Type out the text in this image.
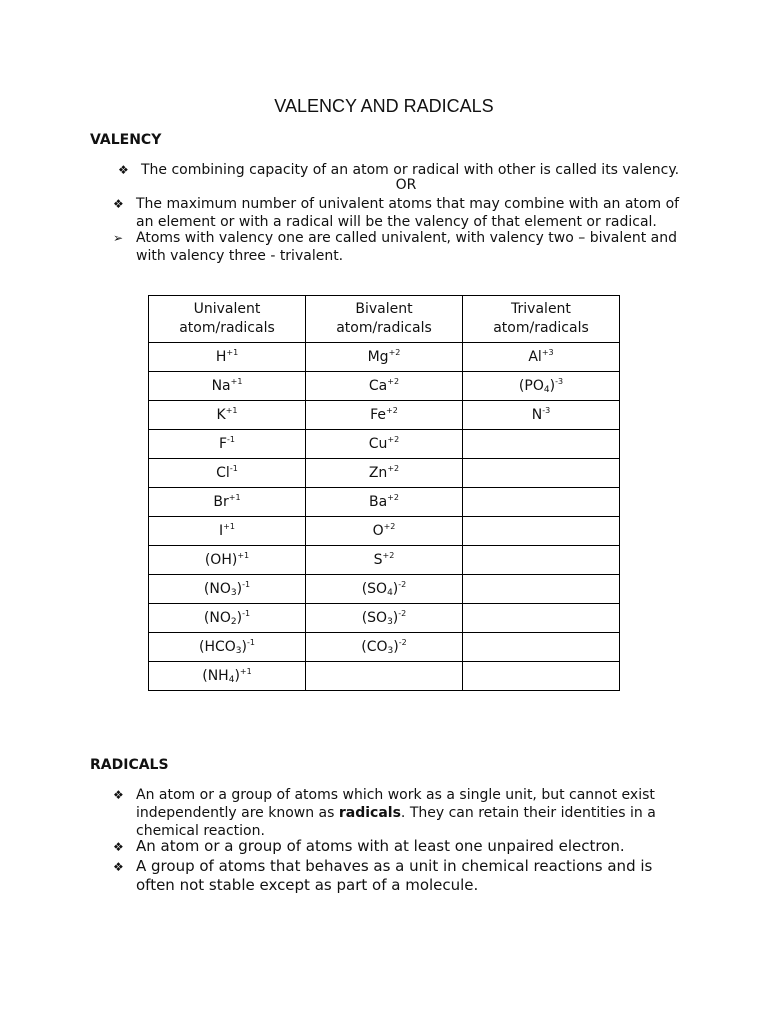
VALENCY AND RADICALS
VALENCY
❖ The combining capacity of an atom or radical with other is called its valency.
OR
❖ The maximum number of univalent atoms that may combine with an atom of an element or with a radical will be the valency of that element or radical.
➢ Atoms with valency one are called univalent, with valency two – bivalent and with valency three - trivalent.
Univalent atom/radicals	Bivalent atom/radicals	Trivalent atom/radicals
$H^{+1}$	$Mg^{+2}$	$Al^{+3}$
$Na^{+1}$	$Ca^{+2}$	$(PO_4)^{-3}$
$K^{+1}$	$Fe^{+2}$	$N^{-3}$
$F^{-1}$	$Cu^{+2}$	
$Cl^{-1}$	$Zn^{+2}$	
$Br^{+1}$	$Ba^{+2}$	
$I^{+1}$	$O^{+2}$	
(OH)$^{+1}$	$S^{+2}$	
$(NO_3)^{-1}$	$(SO_4)^{-2}$	
$(NO_2)^{-1}$	$(SO_3)^{-2}$	
$(HCO_3)^{-1}$	$(CO_3)^{-2}$	
$(NH_4)^{+1}$		
RADICALS
❖ An atom or a group of atoms which work as a single unit, but cannot exist independently are known as radicals. They can retain their identities in a chemical reaction.
❖ An atom or a group of atoms with at least one unpaired electron.
❖ A group of atoms that behaves as a unit in chemical reactions and is often not stable except as part of a molecule.
